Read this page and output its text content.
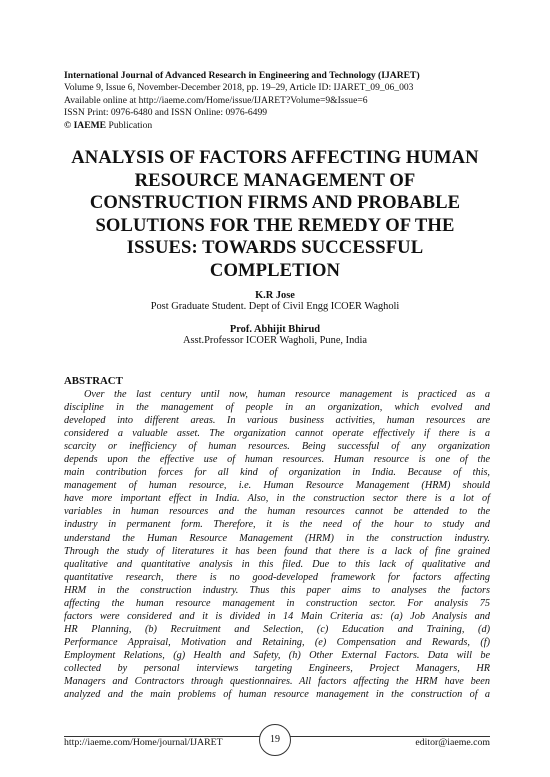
International Journal of Advanced Research in Engineering and Technology (IJARET)
Volume 9, Issue 6, November-December 2018, pp. 19–29, Article ID: IJARET_09_06_003
Available online at http://iaeme.com/Home/issue/IJARET?Volume=9&Issue=6
ISSN Print: 0976-6480 and ISSN Online: 0976-6499
© IAEME Publication
ANALYSIS OF FACTORS AFFECTING HUMAN
RESOURCE MANAGEMENT OF
CONSTRUCTION FIRMS AND PROBABLE
SOLUTIONS FOR THE REMEDY OF THE
ISSUES: TOWARDS SUCCESSFUL
COMPLETION
K.R Jose
Post Graduate Student. Dept of Civil Engg ICOER Wagholi
Prof. Abhijit Bhirud
Asst.Professor ICOER Wagholi, Pune, India
ABSTRACT
Over the last century until now, human resource management is practiced as a
discipline in the management of people in an organization, which evolved and
developed into different areas. In various business activities, human resources are
considered a valuable asset. The organization cannot operate effectively if there is a
scarcity or inefficiency of human resources. Being successful of any organization
depends upon the effective use of human resources. Human resource is one of the
main contribution forces for all kind of organization in India. Because of this,
management of human resource, i.e. Human Resource Management (HRM) should
have more important effect in India. Also, in the construction sector there is a lot of
variables in human resources and the human resources cannot be attended to the
industry in permanent form. Therefore, it is the need of the hour to study and
understand the Human Resource Management (HRM) in the construction industry.
Through the study of literatures it has been found that there is a lack of fine grained
qualitative and quantitative analysis in this filed. Due to this lack of qualitative and
quantitative research, there is no good-developed framework for factors affecting
HRM in the construction industry. Thus this paper aims to analyses the factors
affecting the human resource management in construction sector. For analysis 75
factors were considered and it is divided in 14 Main Criteria as: (a) Job Analysis and
HR Planning, (b) Recruitment and Selection, (c) Education and Training, (d)
Performance Appraisal, Motivation and Retaining, (e) Compensation and Rewards, (f)
Employment Relations, (g) Health and Safety, (h) Other External Factors. Data will be
collected by personal interviews targeting Engineers, Project Managers, HR
Managers and Contractors through questionnaires. All factors affecting the HRM have been
analyzed and the main problems of human resource management in the construction of a
http://iaeme.com/Home/journal/IJARET	19	editor@iaeme.com
